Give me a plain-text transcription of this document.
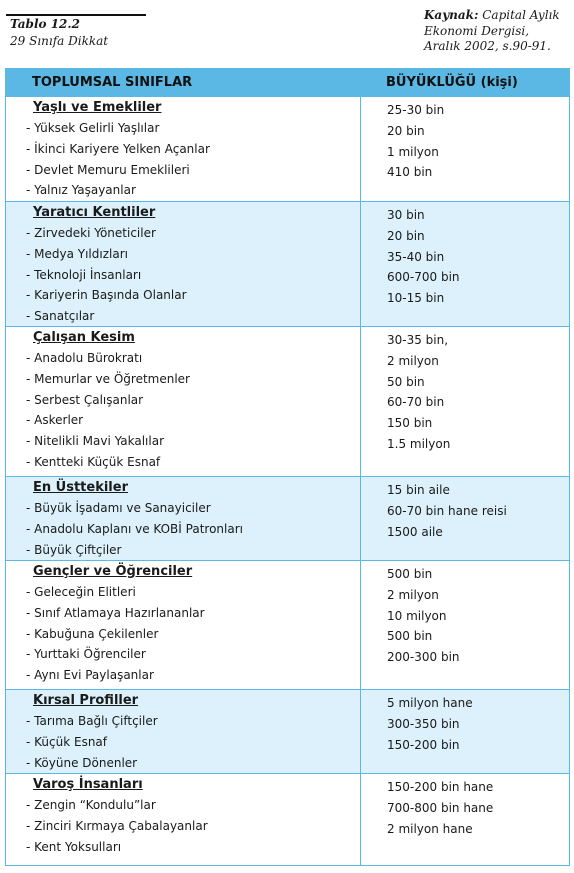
Tablo 12.2
29 Sınıfa Dikkat
Kaynak: Capital Aylık
Ekonomi Dergisi,
Aralık 2002, s.90-91.
TOPLUMSAL SINIFLAR	BÜYÜKLÜĞÜ (kişi)
Yaşlı ve Emekliler
- Yüksek Gelirli Yaşlılar
- İkinci Kariyere Yelken Açanlar
- Devlet Memuru Emeklileri
- Yalnız Yaşayanlar
25-30 bin
20 bin
1 milyon
410 bin
Yaratıcı Kentliler
- Zirvedeki Yöneticiler
- Medya Yıldızları
- Teknoloji İnsanları
- Kariyerin Başında Olanlar
- Sanatçılar
30 bin
20 bin
35-40 bin
600-700 bin
10-15 bin
Çalışan Kesim
- Anadolu Bürokratı
- Memurlar ve Öğretmenler
- Serbest Çalışanlar
- Askerler
- Nitelikli Mavi Yakalılar
- Kentteki Küçük Esnaf
30-35 bin,
2 milyon
50 bin
60-70 bin
150 bin
1.5 milyon
En Üsttekiler
- Büyük İşadamı ve Sanayiciler
- Anadolu Kaplanı ve KOBİ Patronları
- Büyük Çiftçiler
15 bin aile
60-70 bin hane reisi
1500 aile
Gençler ve Öğrenciler
- Geleceğin Elitleri
- Sınıf Atlamaya Hazırlananlar
- Kabuğuna Çekilenler
- Yurttaki Öğrenciler
- Aynı Evi Paylaşanlar
500 bin
2 milyon
10 milyon
500 bin
200-300 bin
Kırsal Profiller
- Tarıma Bağlı Çiftçiler
- Küçük Esnaf
- Köyüne Dönenler
5 milyon hane
300-350 bin
150-200 bin
Varoş İnsanları
- Zengin “Kondulu”lar
- Zinciri Kırmaya Çabalayanlar
- Kent Yoksulları
150-200 bin hane
700-800 bin hane
2 milyon hane
